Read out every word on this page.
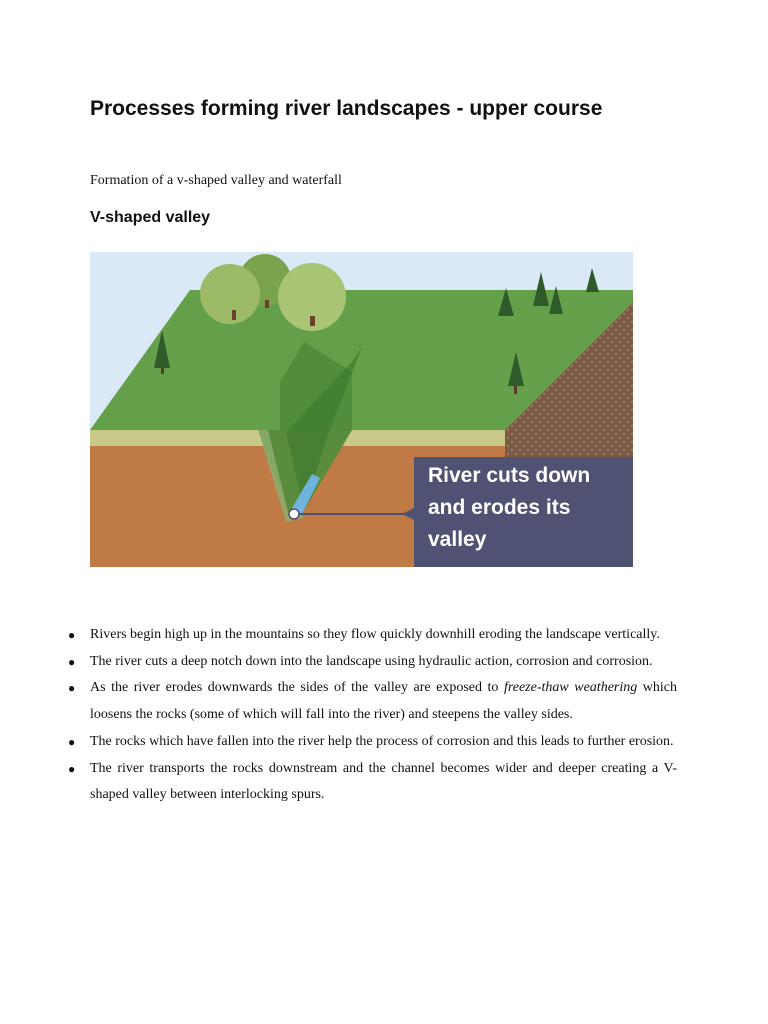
Processes forming river landscapes - upper course

Formation of a v-shaped valley and waterfall

V-shaped valley
River cuts down and erodes its valley
● Rivers begin high up in the mountains so they flow quickly downhill eroding the landscape vertically.
● The river cuts a deep notch down into the landscape using hydraulic action, corrosion and corrosion.
● As the river erodes downwards the sides of the valley are exposed to freeze-thaw weathering which loosens the rocks (some of which will fall into the river) and steepens the valley sides.
● The rocks which have fallen into the river help the process of corrosion and this leads to further erosion.
● The river transports the rocks downstream and the channel becomes wider and deeper creating a V-shaped valley between interlocking spurs.
